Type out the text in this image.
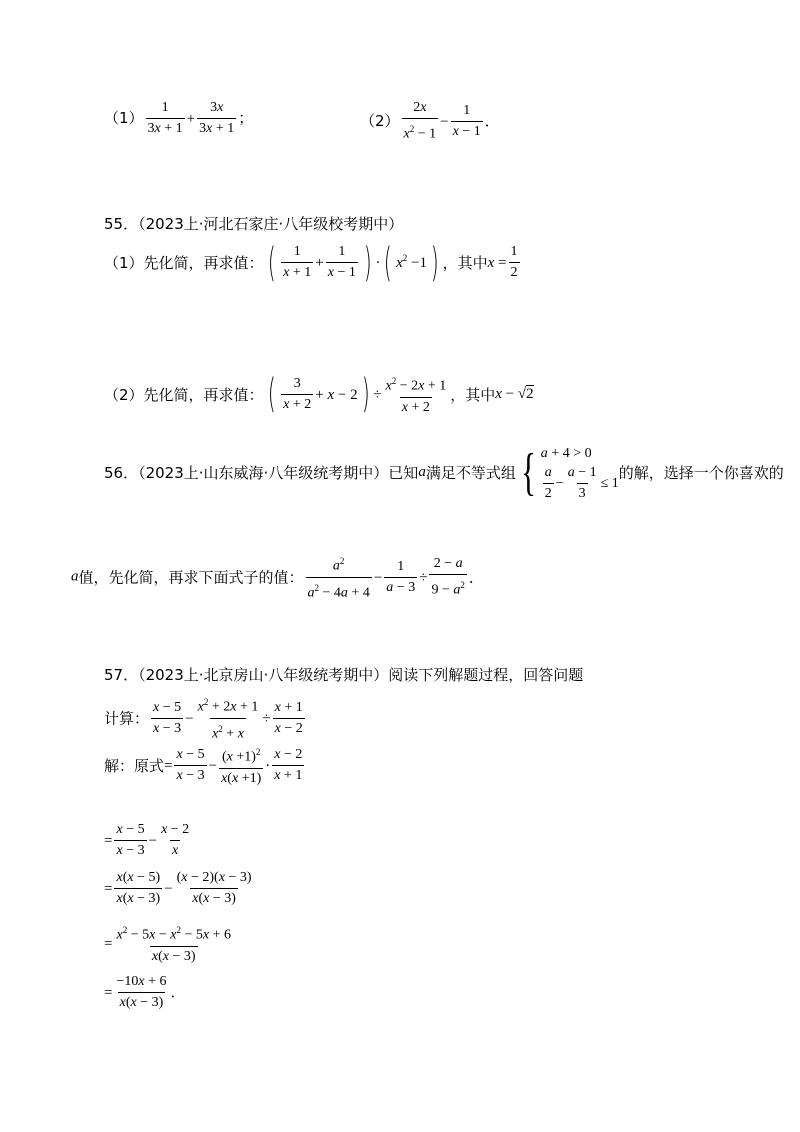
$(1) \frac{1}{3x + 1} + \frac{3x}{3x + 1}$ ；	$(2) \frac{2x}{x^2 - 1} - \frac{1}{x - 1}$ ．
55．（2023上·河北石家庄·八年级校考期中）
（1）先化简，再求值：( $\frac{1}{x + 1} + \frac{1}{x - 1}$ ) ·( $x^2 -1$) ，其中$x = \frac{1}{2}$
（2）先化简，再求值：( $\frac{3}{x + 2} + x - 2) \div \frac{x^2 - 2x + 1}{x + 2}$ ，其中x − √2
56．（2023上·山东威海·八年级统考期中）已知a满足不等式组 { a + 4 > 0
$\frac{a}{2} - \frac{a - 1}{3} \le 1$
的解，选择一个你喜欢的
a值，先化简，再求下面式子的值： $\frac{a^2}{a^2 - 4a + 4} - \frac{1}{a - 3} \div \frac{2 - a}{9 - a^2}$ ．
57．（2023上·北京房山·八年级统考期中）阅读下列解题过程，回答问题
计算： $\frac{x - 5}{x - 3} - \frac{x^2 + 2x + 1}{x^2 + x} \div \frac{x + 1}{x - 2}$
解：原式= $\frac{x - 5}{x - 3} - \frac{(x +1)^2}{x(x +1)} \cdot \frac{x - 2}{x + 1}$
= $\frac{x - 5}{x - 3} - \frac{x - 2}{x}$
= $\frac{x(x - 5)}{x(x - 3)} - \frac{(x - 2)(x - 3)}{x(x - 3)}$
= $\frac{x^2 - 5x - x^2 - 5x + 6}{x(x - 3)}$
= $\frac{-10x + 6}{x(x - 3)}$ ．
